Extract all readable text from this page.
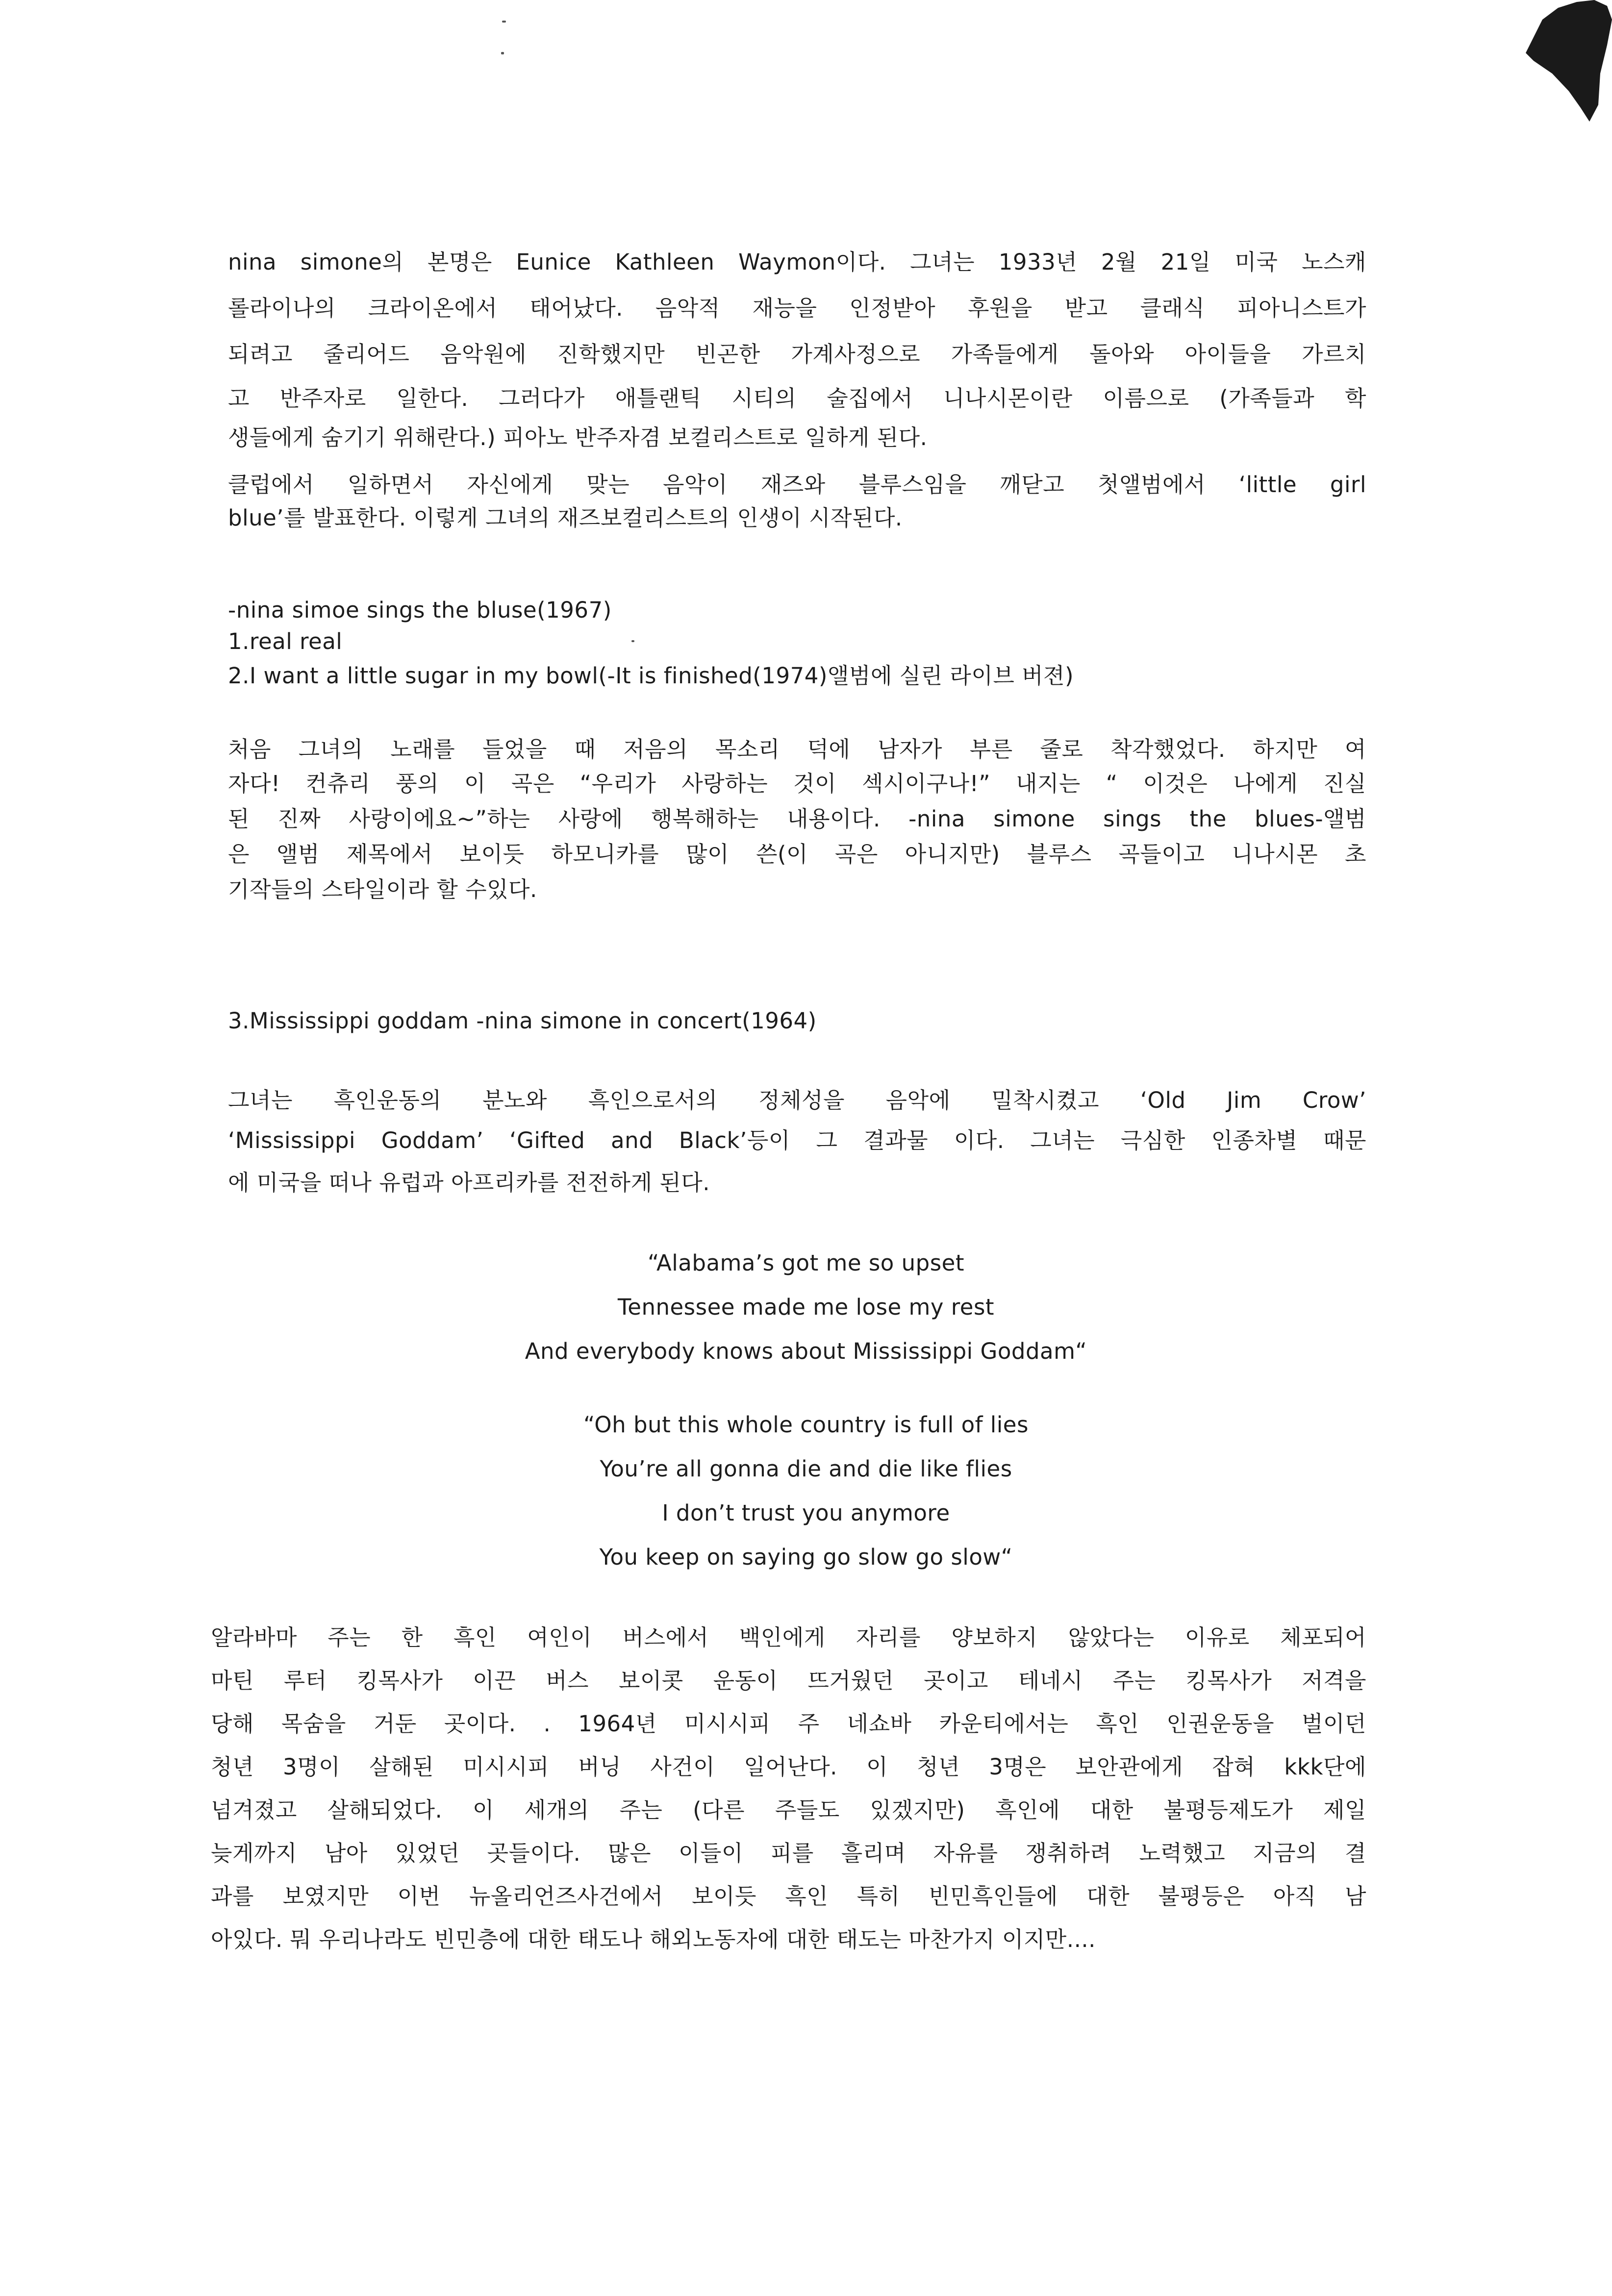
nina simone의 본명은 Eunice Kathleen Waymon이다. 그녀는 1933년 2월 21일 미국 노스캐
롤라이나의 크라이온에서 태어났다. 음악적 재능을 인정받아 후원을 받고 클래식 피아니스트가
되려고 줄리어드 음악원에 진학했지만 빈곤한 가계사정으로 가족들에게 돌아와 아이들을 가르치
고 반주자로 일한다. 그러다가 애틀랜틱 시티의 술집에서 니나시몬이란 이름으로 (가족들과 학
생들에게 숨기기 위해란다.) 피아노 반주자겸 보컬리스트로 일하게 된다.
클럽에서 일하면서 자신에게 맞는 음악이 재즈와 블루스임을 깨닫고 첫앨범에서 ‘little girl
blue’를 발표한다. 이렇게 그녀의 재즈보컬리스트의 인생이 시작된다.
-nina simoe sings the bluse(1967)
1.real real
2.I want a little sugar in my bowl(-It is finished(1974)앨범에 실린 라이브 버젼)
처음 그녀의 노래를 들었을 때 저음의 목소리 덕에 남자가 부른 줄로 착각했었다. 하지만 여
자다! 컨츄리 풍의 이 곡은 “우리가 사랑하는 것이 섹시이구나!” 내지는 “ 이것은 나에게 진실
된 진짜 사랑이에요~”하는 사랑에 행복해하는 내용이다. -nina simone sings the blues-앨범
은 앨범 제목에서 보이듯 하모니카를 많이 쓴(이 곡은 아니지만) 블루스 곡들이고 니나시몬 초
기작들의 스타일이라 할 수있다.
3.Mississippi goddam -nina simone in concert(1964)
그녀는 흑인운동의 분노와 흑인으로서의 정체성을 음악에 밀착시켰고 ‘Old Jim Crow’
‘Mississippi Goddam’ ‘Gifted and Black’등이 그 결과물 이다. 그녀는 극심한 인종차별 때문
에 미국을 떠나 유럽과 아프리카를 전전하게 된다.
“Alabama’s got me so upset
Tennessee made me lose my rest
And everybody knows about Mississippi Goddam“
“Oh but this whole country is full of lies
You’re all gonna die and die like flies
I don’t trust you anymore
You keep on saying go slow go slow“
알라바마 주는 한 흑인 여인이 버스에서 백인에게 자리를 양보하지 않았다는 이유로 체포되어
마틴 루터 킹목사가 이끈 버스 보이콧 운동이 뜨거웠던 곳이고 테네시 주는 킹목사가 저격을
당해 목숨을 거둔 곳이다. . 1964년 미시시피 주 네쇼바 카운티에서는 흑인 인권운동을 벌이던
청년 3명이 살해된 미시시피 버닝 사건이 일어난다. 이 청년 3명은 보안관에게 잡혀 kkk단에
넘겨졌고 살해되었다. 이 세개의 주는 (다른 주들도 있겠지만) 흑인에 대한 불평등제도가 제일
늦게까지 남아 있었던 곳들이다. 많은 이들이 피를 흘리며 자유를 쟁취하려 노력했고 지금의 결
과를 보였지만 이번 뉴올리언즈사건에서 보이듯 흑인 특히 빈민흑인들에 대한 불평등은 아직 남
아있다. 뭐 우리나라도 빈민층에 대한 태도나 해외노동자에 대한 태도는 마찬가지 이지만....
